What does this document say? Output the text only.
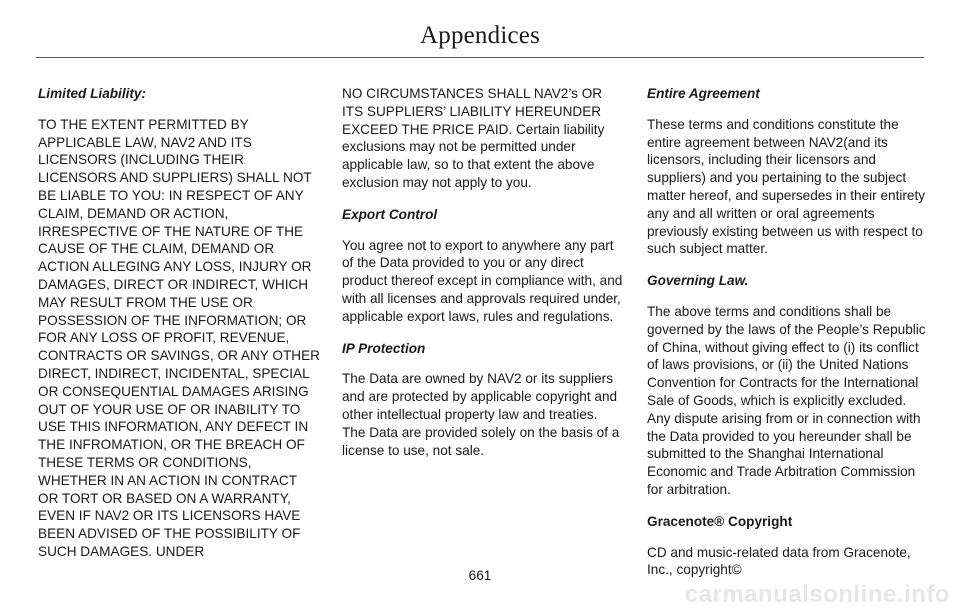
Appendices
Limited Liability:

TO THE EXTENT PERMITTED BY APPLICABLE LAW, NAV2 AND ITS LICENSORS (INCLUDING THEIR LICENSORS AND SUPPLIERS) SHALL NOT BE LIABLE TO YOU: IN RESPECT OF ANY CLAIM, DEMAND OR ACTION, IRRESPECTIVE OF THE NATURE OF THE CAUSE OF THE CLAIM, DEMAND OR ACTION ALLEGING ANY LOSS, INJURY OR DAMAGES, DIRECT OR INDIRECT, WHICH MAY RESULT FROM THE USE OR POSSESSION OF THE INFORMATION; OR FOR ANY LOSS OF PROFIT, REVENUE, CONTRACTS OR SAVINGS, OR ANY OTHER DIRECT, INDIRECT, INCIDENTAL, SPECIAL OR CONSEQUENTIAL DAMAGES ARISING OUT OF YOUR USE OF OR INABILITY TO USE THIS INFORMATION, ANY DEFECT IN THE INFROMATION, OR THE BREACH OF THESE TERMS OR CONDITIONS, WHETHER IN AN ACTION IN CONTRACT OR TORT OR BASED ON A WARRANTY, EVEN IF NAV2 OR ITS LICENSORS HAVE BEEN ADVISED OF THE POSSIBILITY OF SUCH DAMAGES. UNDER

NO CIRCUMSTANCES SHALL NAV2’s OR ITS SUPPLIERS’ LIABILITY HEREUNDER EXCEED THE PRICE PAID. Certain liability exclusions may not be permitted under applicable law, so to that extent the above exclusion may not apply to you.

Export Control

You agree not to export to anywhere any part of the Data provided to you or any direct product thereof except in compliance with, and with all licenses and approvals required under, applicable export laws, rules and regulations.

IP Protection

The Data are owned by NAV2 or its suppliers and are protected by applicable copyright and other intellectual property law and treaties. The Data are provided solely on the basis of a license to use, not sale.

Entire Agreement

These terms and conditions constitute the entire agreement between NAV2(and its licensors, including their licensors and suppliers) and you pertaining to the subject matter hereof, and supersedes in their entirety any and all written or oral agreements previously existing between us with respect to such subject matter.

Governing Law.

The above terms and conditions shall be governed by the laws of the People’s Republic of China, without giving effect to (i) its conflict of laws provisions, or (ii) the United Nations Convention for Contracts for the International Sale of Goods, which is explicitly excluded. Any dispute arising from or in connection with the Data provided to you hereunder shall be submitted to the Shanghai International Economic and Trade Arbitration Commission for arbitration.

Gracenote® Copyright

CD and music-related data from Gracenote, Inc., copyright©

661
carmanualsonline.info
